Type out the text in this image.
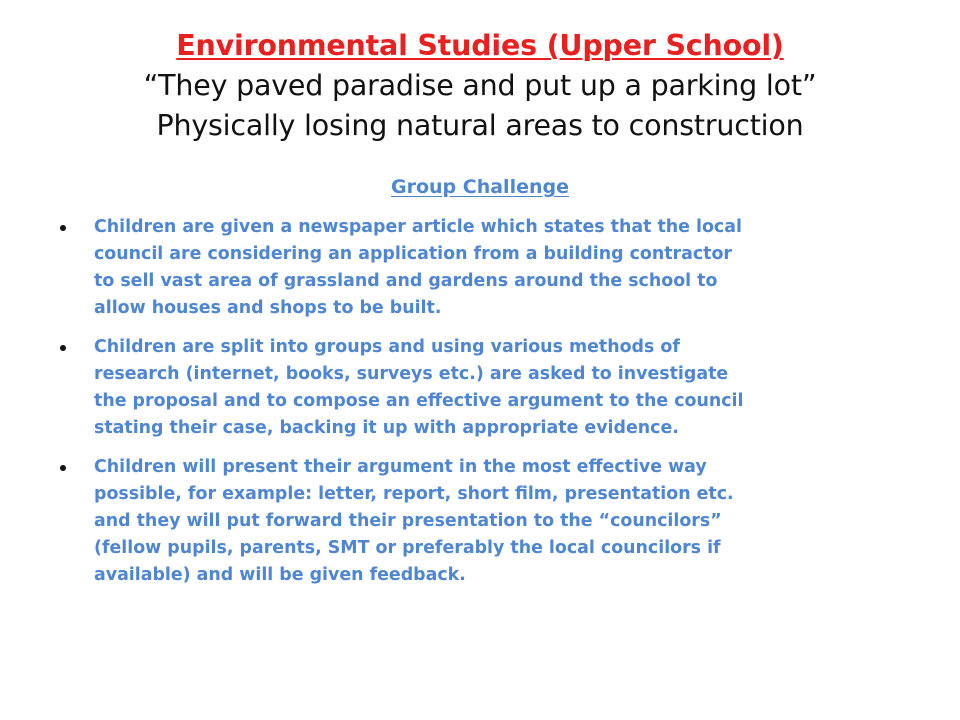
Environmental Studies (Upper School)
“They paved paradise and put up a parking lot”
Physically losing natural areas to construction
Group Challenge
Children are given a newspaper article which states that the local
council are considering an application from a building contractor
to sell vast area of grassland and gardens around the school to
allow houses and shops to be built.
Children are split into groups and using various methods of
research (internet, books, surveys etc.) are asked to investigate
the proposal and to compose an effective argument to the council
stating their case, backing it up with appropriate evidence.
Children will present their argument in the most effective way
possible, for example: letter, report, short film, presentation etc.
and they will put forward their presentation to the “councilors”
(fellow pupils, parents, SMT or preferably the local councilors if
available) and will be given feedback.
